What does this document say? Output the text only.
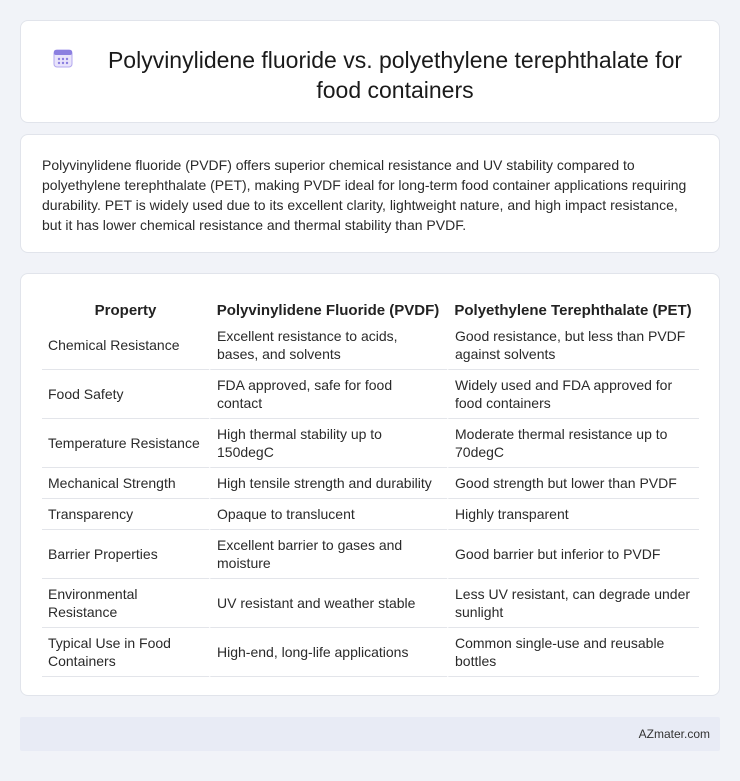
Polyvinylidene fluoride vs. polyethylene terephthalate for food containers

Polyvinylidene fluoride (PVDF) offers superior chemical resistance and UV stability compared to polyethylene terephthalate (PET), making PVDF ideal for long-term food container applications requiring durability. PET is widely used due to its excellent clarity, lightweight nature, and high impact resistance, but it has lower chemical resistance and thermal stability than PVDF.

Property	Polyvinylidene Fluoride (PVDF)	Polyethylene Terephthalate (PET)
Chemical Resistance	Excellent resistance to acids, bases, and solvents	Good resistance, but less than PVDF against solvents
Food Safety	FDA approved, safe for food contact	Widely used and FDA approved for food containers
Temperature Resistance	High thermal stability up to 150degC	Moderate thermal resistance up to 70degC
Mechanical Strength	High tensile strength and durability	Good strength but lower than PVDF
Transparency	Opaque to translucent	Highly transparent
Barrier Properties	Excellent barrier to gases and moisture	Good barrier but inferior to PVDF
Environmental Resistance	UV resistant and weather stable	Less UV resistant, can degrade under sunlight
Typical Use in Food Containers	High-end, long-life applications	Common single-use and reusable bottles
AZmater.com
